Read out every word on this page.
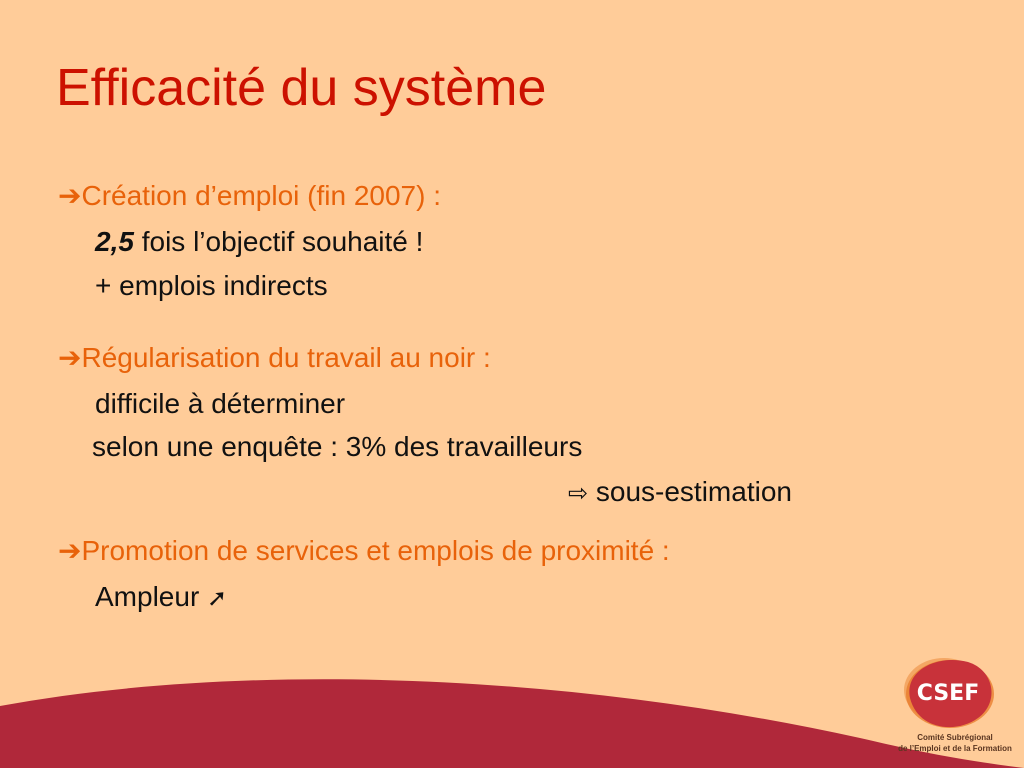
Efficacité du système
➔Création d’emploi (fin 2007) :
2,5 fois l’objectif souhaité !
+ emplois indirects
➔Régularisation du travail au noir :
difficile à déterminer
selon une enquête : 3% des travailleurs
⇨ sous-estimation
➔Promotion de services et emplois de proximité :
Ampleur ➚
CSEF
Comité Subrégional
de l’Emploi et de la Formation
